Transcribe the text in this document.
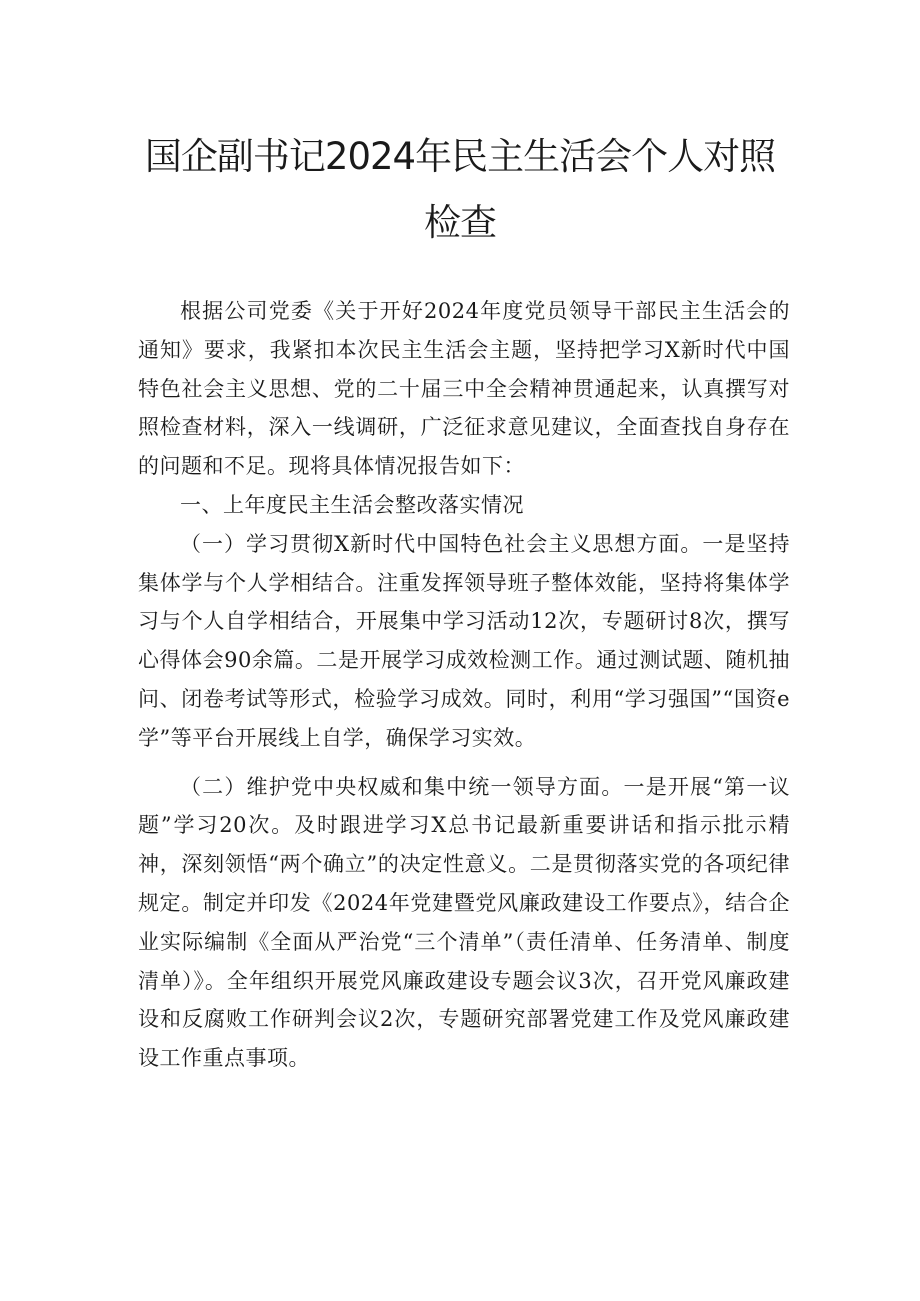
国企副书记2024年民主生活会个人对照检查

根据公司党委《关于开好2024年度党员领导干部民主生活会的通知》要求，我紧扣本次民主生活会主题，坚持把学习X新时代中国特色社会主义思想、党的二十届三中全会精神贯通起来，认真撰写对照检查材料，深入一线调研，广泛征求意见建议，全面查找自身存在的问题和不足。现将具体情况报告如下：

一、上年度民主生活会整改落实情况

（一）学习贯彻X新时代中国特色社会主义思想方面。一是坚持集体学与个人学相结合。注重发挥领导班子整体效能，坚持将集体学习与个人自学相结合，开展集中学习活动12次，专题研讨8次，撰写心得体会90余篇。二是开展学习成效检测工作。通过测试题、随机抽问、闭卷考试等形式，检验学习成效。同时，利用“学习强国”“国资e学”等平台开展线上自学，确保学习实效。

（二）维护党中央权威和集中统一领导方面。一是开展“第一议题”学习20次。及时跟进学习X总书记最新重要讲话和指示批示精神，深刻领悟“两个确立”的决定性意义。二是贯彻落实党的各项纪律规定。制定并印发《2024年党建暨党风廉政建设工作要点》，结合企业实际编制《全面从严治党“三个清单”（责任清单、任务清单、制度清单）》。全年组织开展党风廉政建设专题会议3次，召开党风廉政建设和反腐败工作研判会议2次，专题研究部署党建工作及党风廉政建设工作重点事项。
